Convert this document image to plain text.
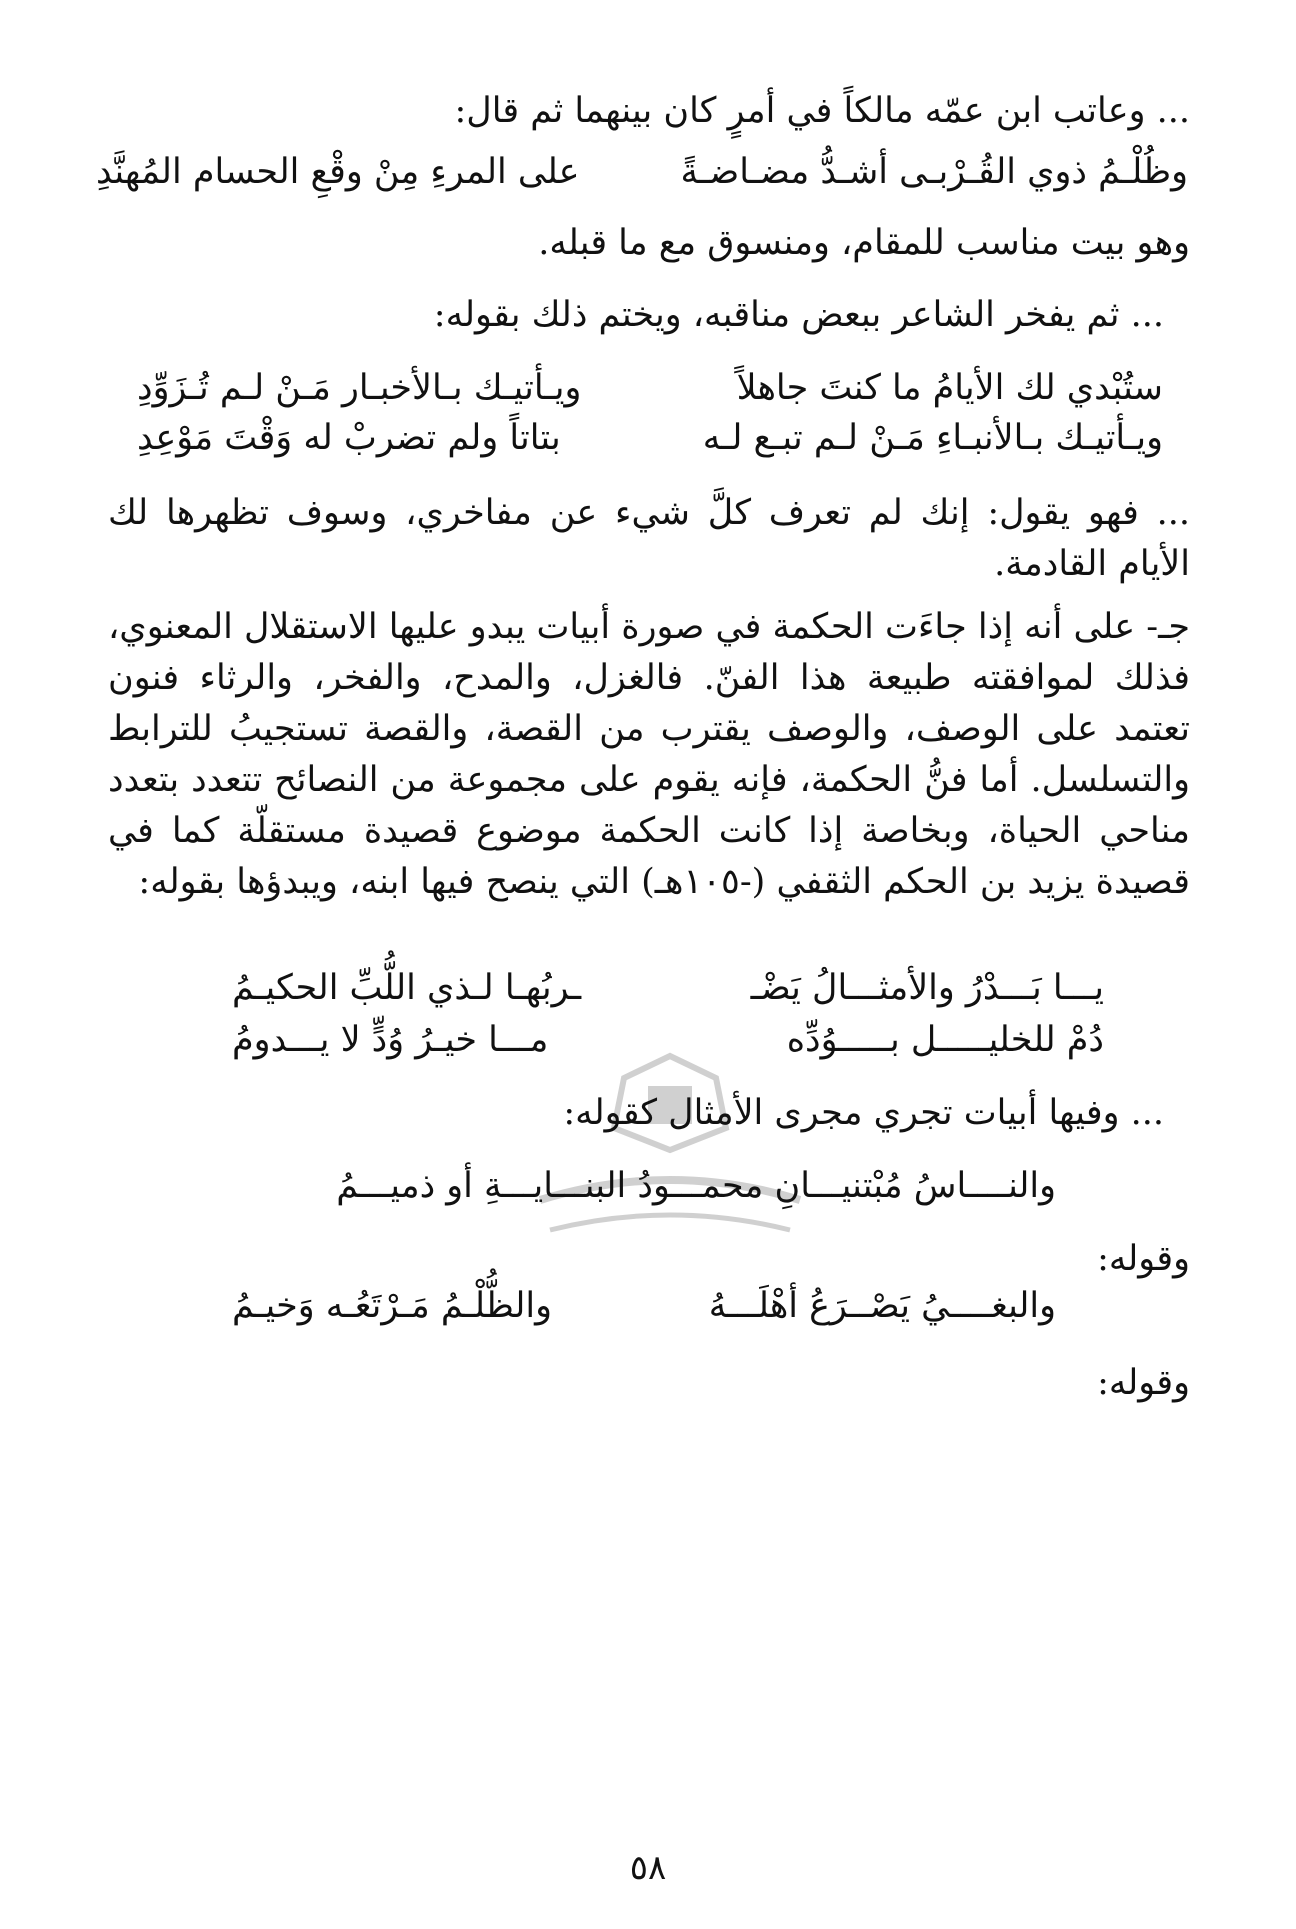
... وعاتب ابن عمّه مالكاً في أمرٍ كان بينهما ثم قال:
وظُلْـمُ ذوي القُـرْبـى أشـدُّ مضـاضـةً
على المرءِ مِنْ وقْعِ الحسام المُهنَّدِ
وهو بيت مناسب للمقام، ومنسوق مع ما قبله.
... ثم يفخر الشاعر ببعض مناقبه، ويختم ذلك بقوله:
ستُبْدي لك الأيامُ ما كنتَ جاهلاً
ويـأتيـك بـالأخبـار مَـنْ لـم تُـزَوِّدِ
ويـأتيـك بـالأنبـاءِ مَـنْ لـم تبـع لـه
بتاتاً ولم تضربْ له وَقْتَ مَوْعِدِ
... فهو يقول: إنك لم تعرف كلَّ شيء عن مفاخري، وسوف تظهرها لك الأيام القادمة.
جـ- على أنه إذا جاءَت الحكمة في صورة أبيات يبدو عليها الاستقلال المعنوي، فذلك لموافقته طبيعة هذا الفنّ. فالغزل، والمدح، والفخر، والرثاء فنون تعتمد على الوصف، والوصف يقترب من القصة، والقصة تستجيبُ للترابط والتسلسل. أما فنُّ الحكمة، فإنه يقوم على مجموعة من النصائح تتعدد بتعدد مناحي الحياة، وبخاصة إذا كانت الحكمة موضوع قصيدة مستقلّة كما في قصيدة يزيد بن الحكم الثقفي (-١٠٥هـ) التي ينصح فيها ابنه، ويبدؤها بقوله:
يـــا بَـــدْرُ والأمثـــالُ يَضْـ
ـربُهـا لـذي اللُّبِّ الحكيـمُ
دُمْ للخليـــــل بـــــوُدِّه
مـــا خيـرُ وُدٍّ لا يـــدومُ
... وفيها أبيات تجري مجرى الأمثال كقوله:
والنــــاسُ مُبْتنيـــانِ محمـــودُ البنـــايـــةِ أو ذميـــمُ
وقوله:
والبغــــيُ يَصْــرَعُ أهْلَـــهُ
والظُّلْـمُ مَـرْتَعُـه وَخيـمُ
وقوله:
٥٨
